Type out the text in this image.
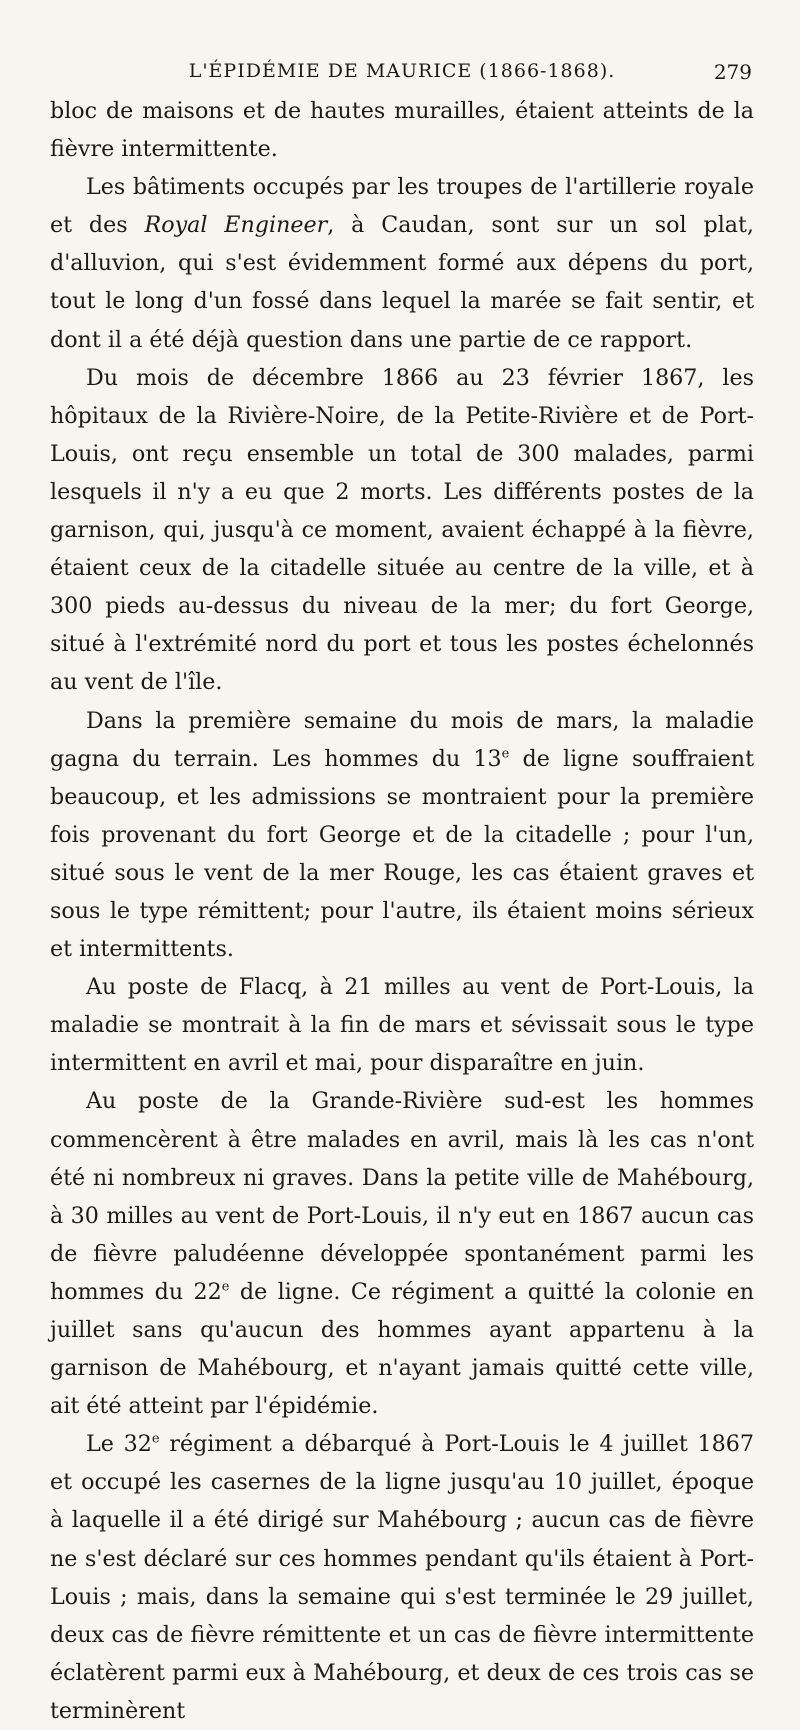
L'ÉPIDÉMIE DE MAURICE (1866-1868).	279

bloc de maisons et de hautes murailles, étaient atteints de la fièvre intermittente.

Les bâtiments occupés par les troupes de l'artillerie royale et des Royal Engineer, à Caudan, sont sur un sol plat, d'alluvion, qui s'est évidemment formé aux dépens du port, tout le long d'un fossé dans lequel la marée se fait sentir, et dont il a été déjà question dans une partie de ce rapport.

Du mois de décembre 1866 au 23 février 1867, les hôpitaux de la Rivière-Noire, de la Petite-Rivière et de Port-Louis, ont reçu ensemble un total de 300 malades, parmi lesquels il n'y a eu que 2 morts. Les différents postes de la garnison, qui, jusqu'à ce moment, avaient échappé à la fièvre, étaient ceux de la citadelle située au centre de la ville, et à 300 pieds au-dessus du niveau de la mer; du fort George, situé à l'extrémité nord du port et tous les postes échelonnés au vent de l'île.

Dans la première semaine du mois de mars, la maladie gagna du terrain. Les hommes du 13e de ligne souffraient beaucoup, et les admissions se montraient pour la première fois provenant du fort George et de la citadelle ; pour l'un, situé sous le vent de la mer Rouge, les cas étaient graves et sous le type rémittent; pour l'autre, ils étaient moins sérieux et intermittents.

Au poste de Flacq, à 21 milles au vent de Port-Louis, la maladie se montrait à la fin de mars et sévissait sous le type intermittent en avril et mai, pour disparaître en juin.

Au poste de la Grande-Rivière sud-est les hommes commencèrent à être malades en avril, mais là les cas n'ont été ni nombreux ni graves. Dans la petite ville de Mahébourg, à 30 milles au vent de Port-Louis, il n'y eut en 1867 aucun cas de fièvre paludéenne développée spontanément parmi les hommes du 22e de ligne. Ce régiment a quitté la colonie en juillet sans qu'aucun des hommes ayant appartenu à la garnison de Mahébourg, et n'ayant jamais quitté cette ville, ait été atteint par l'épidémie.

Le 32e régiment a débarqué à Port-Louis le 4 juillet 1867 et occupé les casernes de la ligne jusqu'au 10 juillet, époque à laquelle il a été dirigé sur Mahébourg ; aucun cas de fièvre ne s'est déclaré sur ces hommes pendant qu'ils étaient à Port-Louis ; mais, dans la semaine qui s'est terminée le 29 juillet, deux cas de fièvre rémittente et un cas de fièvre intermittente éclatèrent parmi eux à Mahébourg, et deux de ces trois cas se terminèrent
